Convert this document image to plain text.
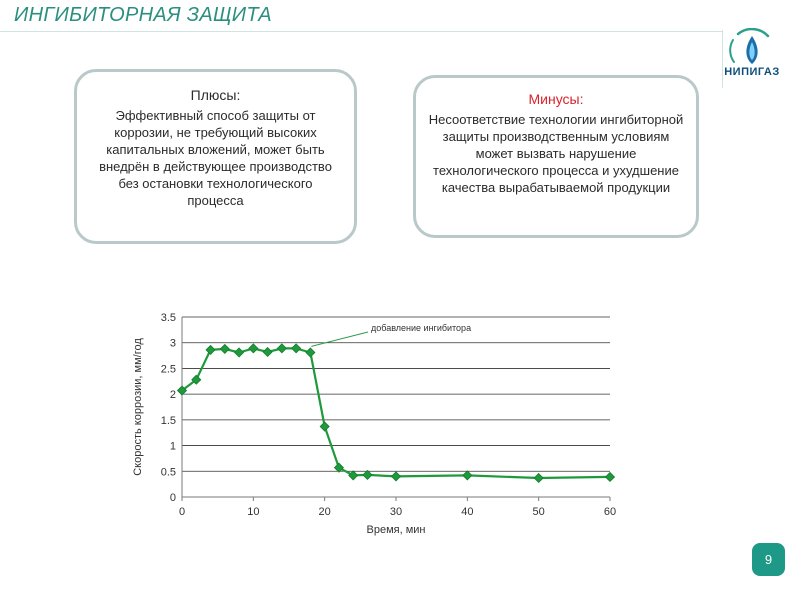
ИНГИБИТОРНАЯ ЗАЩИТА
НИПИГАЗ
Плюсы:
Эффективный способ защиты от коррозии, не требующий высоких капитальных вложений, может быть внедрён в действующее производство без остановки технологического процесса
Минусы:
Несоответствие технологии ингибиторной защиты производственным условиям может вызвать нарушение технологического процесса и ухудшение качества вырабатываемой продукции
0
0.5
1
1.5
2
2.5
3
3.5
0	10	20	30	40	50	60
Время, мин
Скорость коррозии, мм/год
добавление ингибитора
9
